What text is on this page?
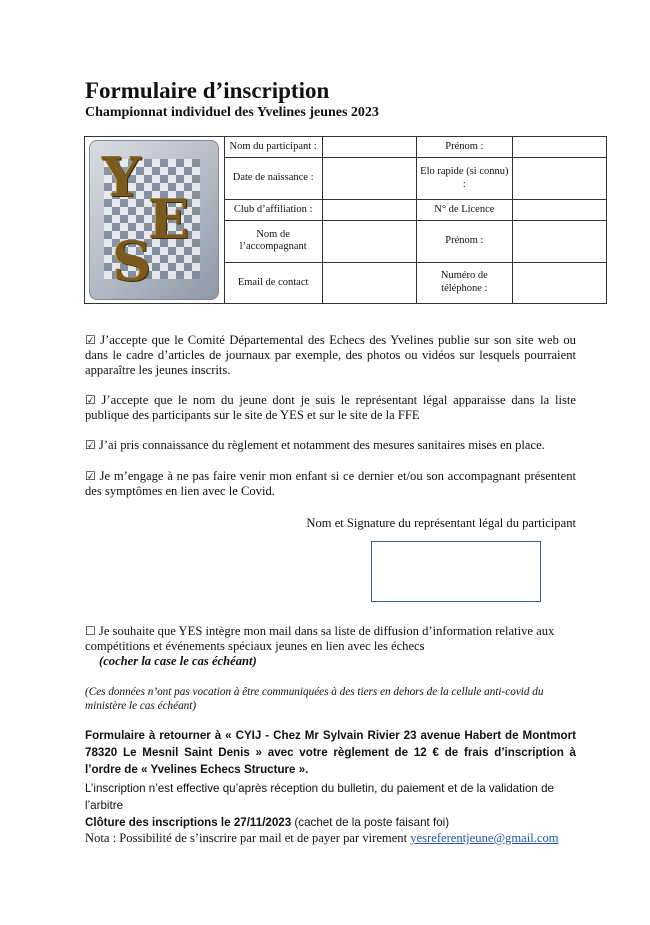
Formulaire d’inscription
Championnat individuel des Yvelines jeunes 2023
Y
E
S	Nom du participant :		Prénom :	
	Date de naissance :		Elo rapide (si connu) :	
	Club d’affiliation :		N° de Licence	
	Nom de l’accompagnant		Prénom :	
	Email de contact		Numéro de téléphone :	
☑ J’accepte que le Comité Départemental des Echecs des Yvelines publie sur son site web ou dans le cadre d’articles de journaux par exemple, des photos ou vidéos sur lesquels pourraient apparaître les jeunes inscrits.
☑ J’accepte que le nom du jeune dont je suis le représentant légal apparaisse dans la liste publique des participants sur le site de YES et sur le site de la FFE
☑ J’ai pris connaissance du règlement et notamment des mesures sanitaires mises en place.
☑ Je m’engage à ne pas faire venir mon enfant si ce dernier et/ou son accompagnant présentent des symptômes en lien avec le Covid.
Nom et Signature du représentant légal du participant
☐ Je souhaite que YES intègre mon mail dans sa liste de diffusion d’information relative aux compétitions et événements spéciaux jeunes en lien avec les échecs
(cocher la case le cas échéant)
(Ces données n’ont pas vocation à être communiquées à des tiers en dehors de la cellule anti-covid du ministère le cas échéant)
Formulaire à retourner à « CYIJ - Chez Mr Sylvain Rivier 23 avenue Habert de Montmort 78320 Le Mesnil Saint Denis » avec votre règlement de 12 € de frais d’inscription à l’ordre de « Yvelines Echecs Structure ».
L’inscription n’est effective qu’après réception du bulletin, du paiement et de la validation de l’arbitre
Clôture des inscriptions le 27/11/2023 (cachet de la poste faisant foi)
Nota : Possibilité de s’inscrire par mail et de payer par virement yesreferentjeune@gmail.com
